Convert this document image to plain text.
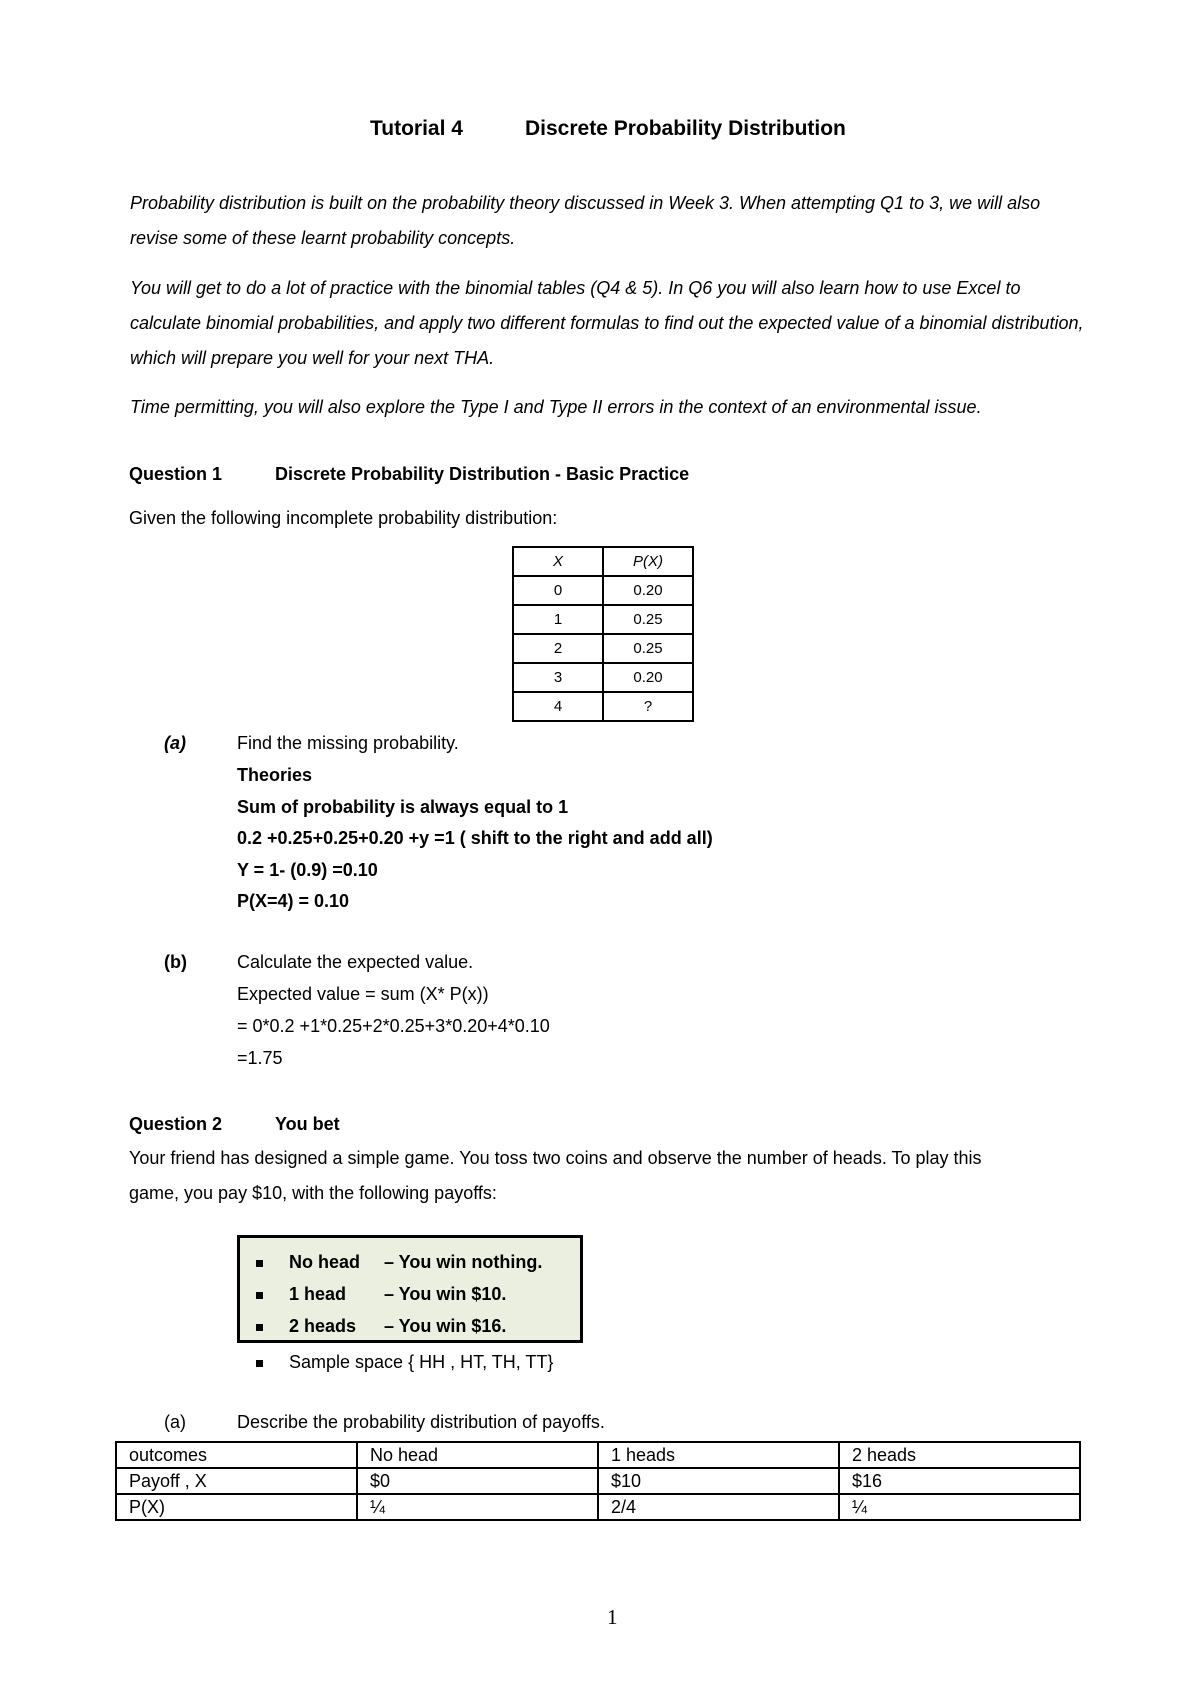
Tutorial 4	Discrete Probability Distribution
Probability distribution is built on the probability theory discussed in Week 3. When attempting Q1 to 3, we will also revise some of these learnt probability concepts.
You will get to do a lot of practice with the binomial tables (Q4 & 5). In Q6 you will also learn how to use Excel to calculate binomial probabilities, and apply two different formulas to find out the expected value of a binomial distribution, which will prepare you well for your next THA.
Time permitting, you will also explore the Type I and Type II errors in the context of an environmental issue.
Question 1	Discrete Probability Distribution - Basic Practice
Given the following incomplete probability distribution:
X	P(X)
0	0.20
1	0.25
2	0.25
3	0.20
4	?
(a)	Find the missing probability.
Theories
Sum of probability is always equal to 1
0.2 +0.25+0.25+0.20 +y =1 ( shift to the right and add all)
Y = 1- (0.9) =0.10
P(X=4) = 0.10
(b)	Calculate the expected value.
Expected value = sum (X* P(x))
= 0*0.2 +1*0.25+2*0.25+3*0.20+4*0.10
=1.75
Question 2	You bet
Your friend has designed a simple game. You toss two coins and observe the number of heads. To play this
game, you pay $10, with the following payoffs:
No head – You win nothing.
1 head – You win $10.
2 heads – You win $16.
Sample space { HH , HT, TH, TT}
(a)	Describe the probability distribution of payoffs.
outcomes	No head	1 heads	2 heads
Payoff , X	$0	$10	$16
P(X)	¼	2/4	¼
1
